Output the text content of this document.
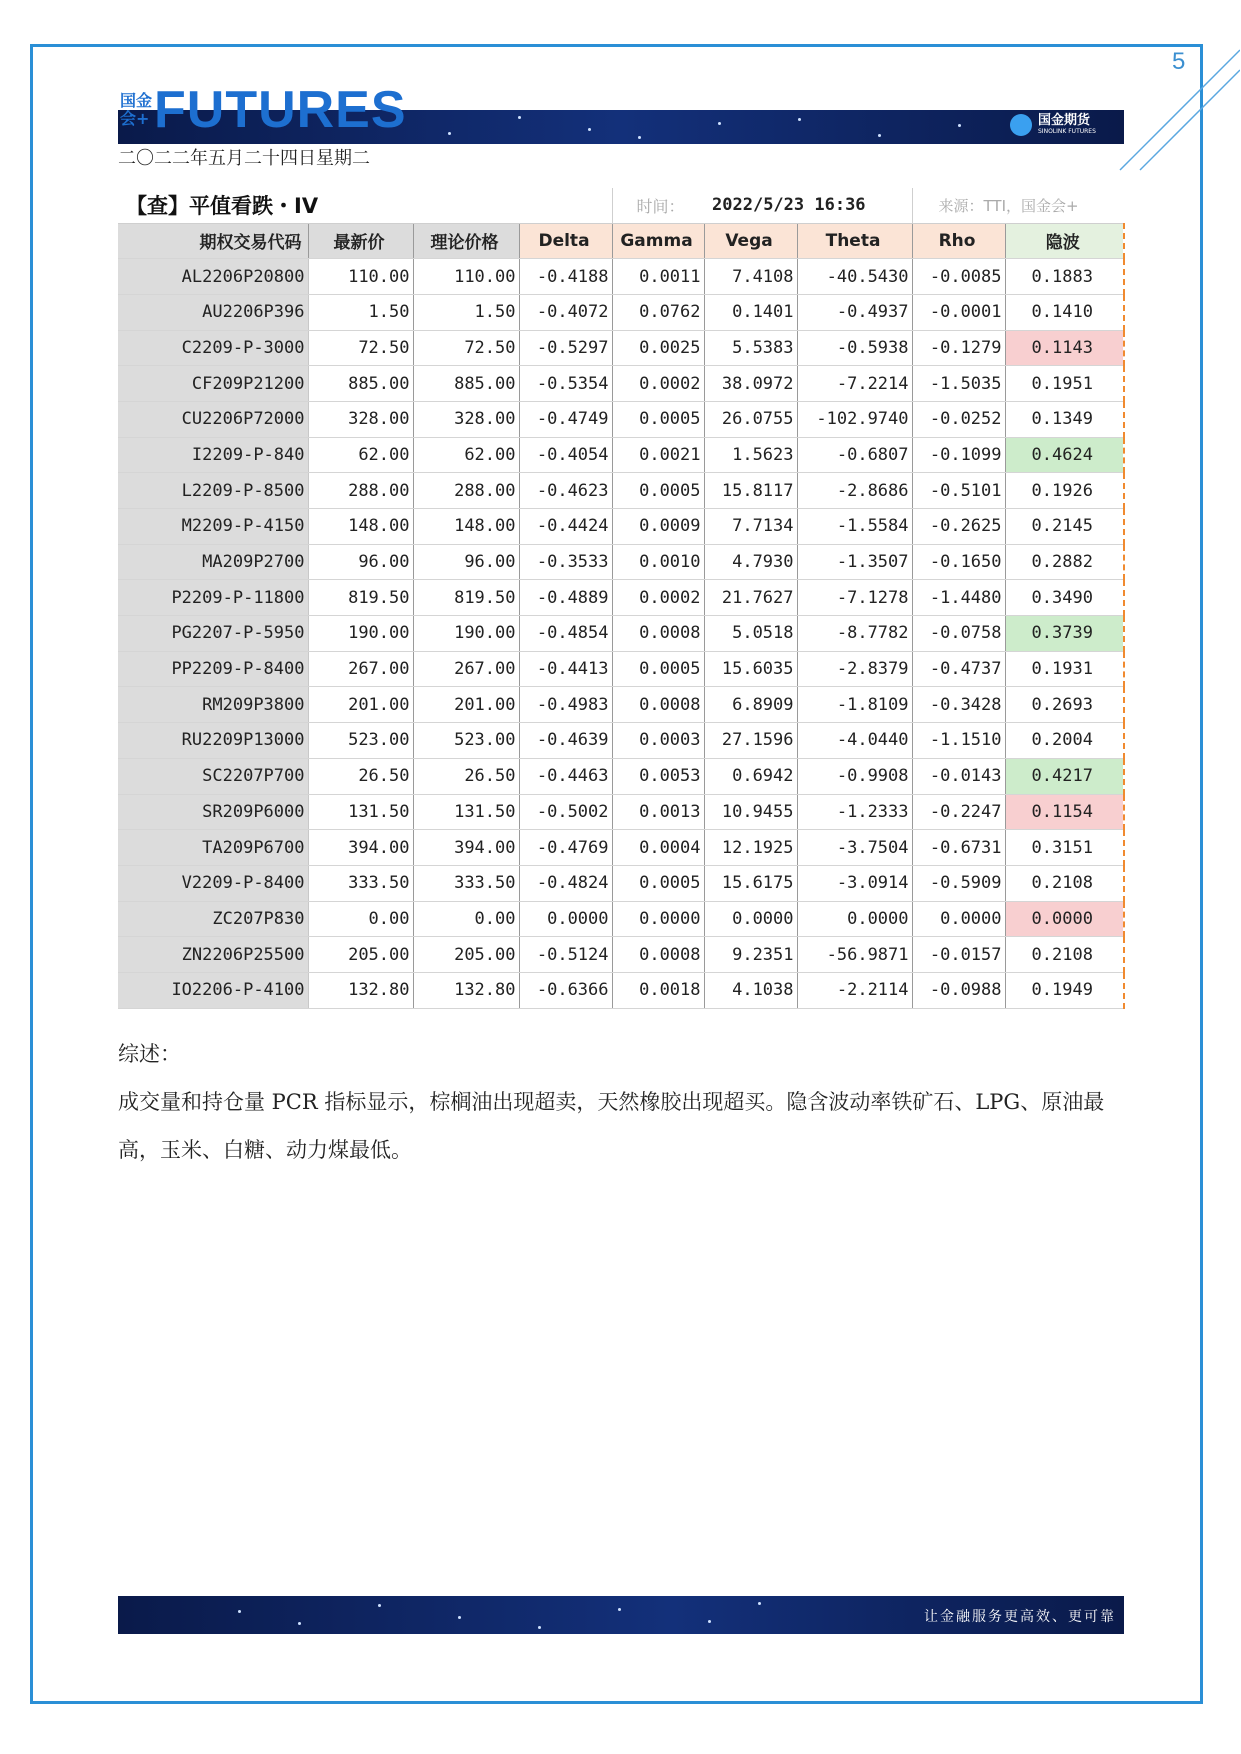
5
国金会+ FUTURES	国金期货
SINOLINK FUTURES
二〇二二年五月二十四日星期二
【查】平值看跌・IV				时间：	2022/5/23 16:36		来源：TTI，国金会+	
期权交易代码	最新价	理论价格	Delta	Gamma	Vega	Theta	Rho	隐波
AL2206P20800	110.00	110.00	-0.4188	0.0011	7.4108	-40.5430	-0.0085	0.1883
AU2206P396	1.50	1.50	-0.4072	0.0762	0.1401	-0.4937	-0.0001	0.1410
C2209-P-3000	72.50	72.50	-0.5297	0.0025	5.5383	-0.5938	-0.1279	0.1143
CF209P21200	885.00	885.00	-0.5354	0.0002	38.0972	-7.2214	-1.5035	0.1951
CU2206P72000	328.00	328.00	-0.4749	0.0005	26.0755	-102.9740	-0.0252	0.1349
I2209-P-840	62.00	62.00	-0.4054	0.0021	1.5623	-0.6807	-0.1099	0.4624
L2209-P-8500	288.00	288.00	-0.4623	0.0005	15.8117	-2.8686	-0.5101	0.1926
M2209-P-4150	148.00	148.00	-0.4424	0.0009	7.7134	-1.5584	-0.2625	0.2145
MA209P2700	96.00	96.00	-0.3533	0.0010	4.7930	-1.3507	-0.1650	0.2882
P2209-P-11800	819.50	819.50	-0.4889	0.0002	21.7627	-7.1278	-1.4480	0.3490
PG2207-P-5950	190.00	190.00	-0.4854	0.0008	5.0518	-8.7782	-0.0758	0.3739
PP2209-P-8400	267.00	267.00	-0.4413	0.0005	15.6035	-2.8379	-0.4737	0.1931
RM209P3800	201.00	201.00	-0.4983	0.0008	6.8909	-1.8109	-0.3428	0.2693
RU2209P13000	523.00	523.00	-0.4639	0.0003	27.1596	-4.0440	-1.1510	0.2004
SC2207P700	26.50	26.50	-0.4463	0.0053	0.6942	-0.9908	-0.0143	0.4217
SR209P6000	131.50	131.50	-0.5002	0.0013	10.9455	-1.2333	-0.2247	0.1154
TA209P6700	394.00	394.00	-0.4769	0.0004	12.1925	-3.7504	-0.6731	0.3151
V2209-P-8400	333.50	333.50	-0.4824	0.0005	15.6175	-3.0914	-0.5909	0.2108
ZC207P830	0.00	0.00	0.0000	0.0000	0.0000	0.0000	0.0000	0.0000
ZN2206P25500	205.00	205.00	-0.5124	0.0008	9.2351	-56.9871	-0.0157	0.2108
IO2206-P-4100	132.80	132.80	-0.6366	0.0018	4.1038	-2.2114	-0.0988	0.1949

综述：

成交量和持仓量 PCR 指标显示，棕榈油出现超卖，天然橡胶出现超买。隐含波动率铁矿石、LPG、原油最高，玉米、白糖、动力煤最低。

让金融服务更高效、更可靠
